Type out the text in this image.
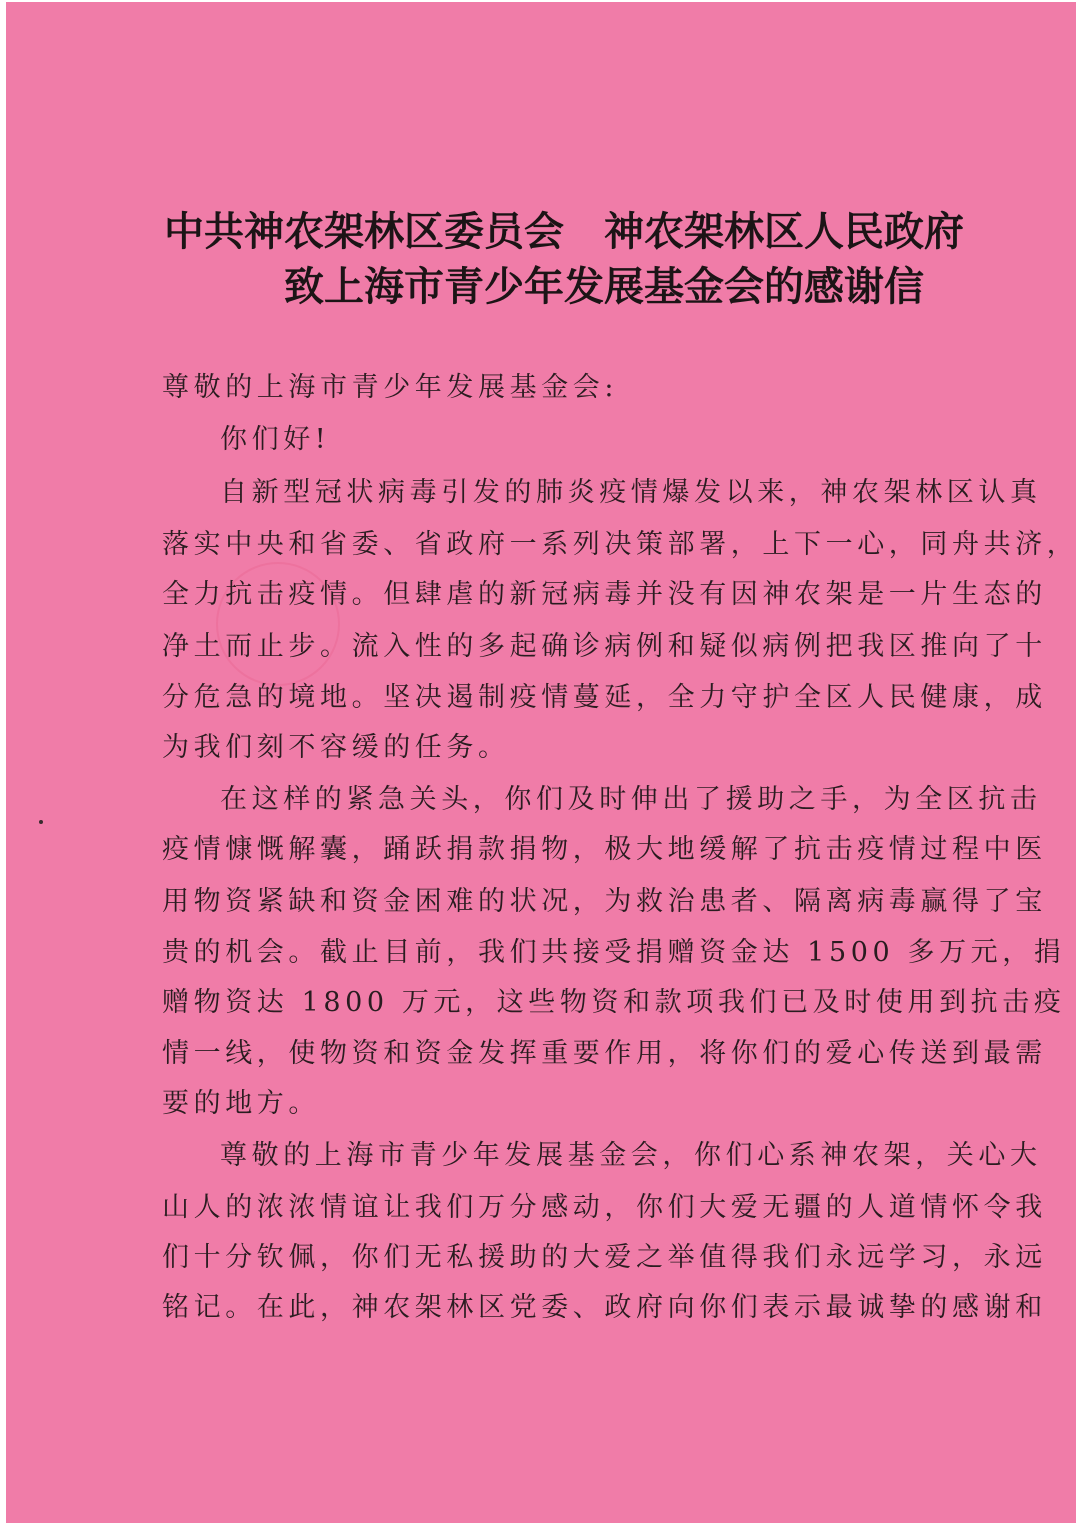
中共神农架林区委员会 神农架林区人民政府
致上海市青少年发展基金会的感谢信
尊敬的上海市青少年发展基金会:
你们好!
自新型冠状病毒引发的肺炎疫情爆发以来，神农架林区认真
落实中央和省委、省政府一系列决策部署，上下一心，同舟共济，
全力抗击疫情。但肆虐的新冠病毒并没有因神农架是一片生态的
净土而止步。流入性的多起确诊病例和疑似病例把我区推向了十
分危急的境地。坚决遏制疫情蔓延，全力守护全区人民健康，成
为我们刻不容缓的任务。
在这样的紧急关头，你们及时伸出了援助之手，为全区抗击
疫情慷慨解囊，踊跃捐款捐物，极大地缓解了抗击疫情过程中医
用物资紧缺和资金困难的状况，为救治患者、隔离病毒赢得了宝
贵的机会。截止目前，我们共接受捐赠资金达 1500 多万元，捐
赠物资达 1800 万元，这些物资和款项我们已及时使用到抗击疫
情一线，使物资和资金发挥重要作用，将你们的爱心传送到最需
要的地方。
尊敬的上海市青少年发展基金会，你们心系神农架，关心大
山人的浓浓情谊让我们万分感动，你们大爱无疆的人道情怀令我
们十分钦佩，你们无私援助的大爱之举值得我们永远学习，永远
铭记。在此，神农架林区党委、政府向你们表示最诚挚的感谢和
